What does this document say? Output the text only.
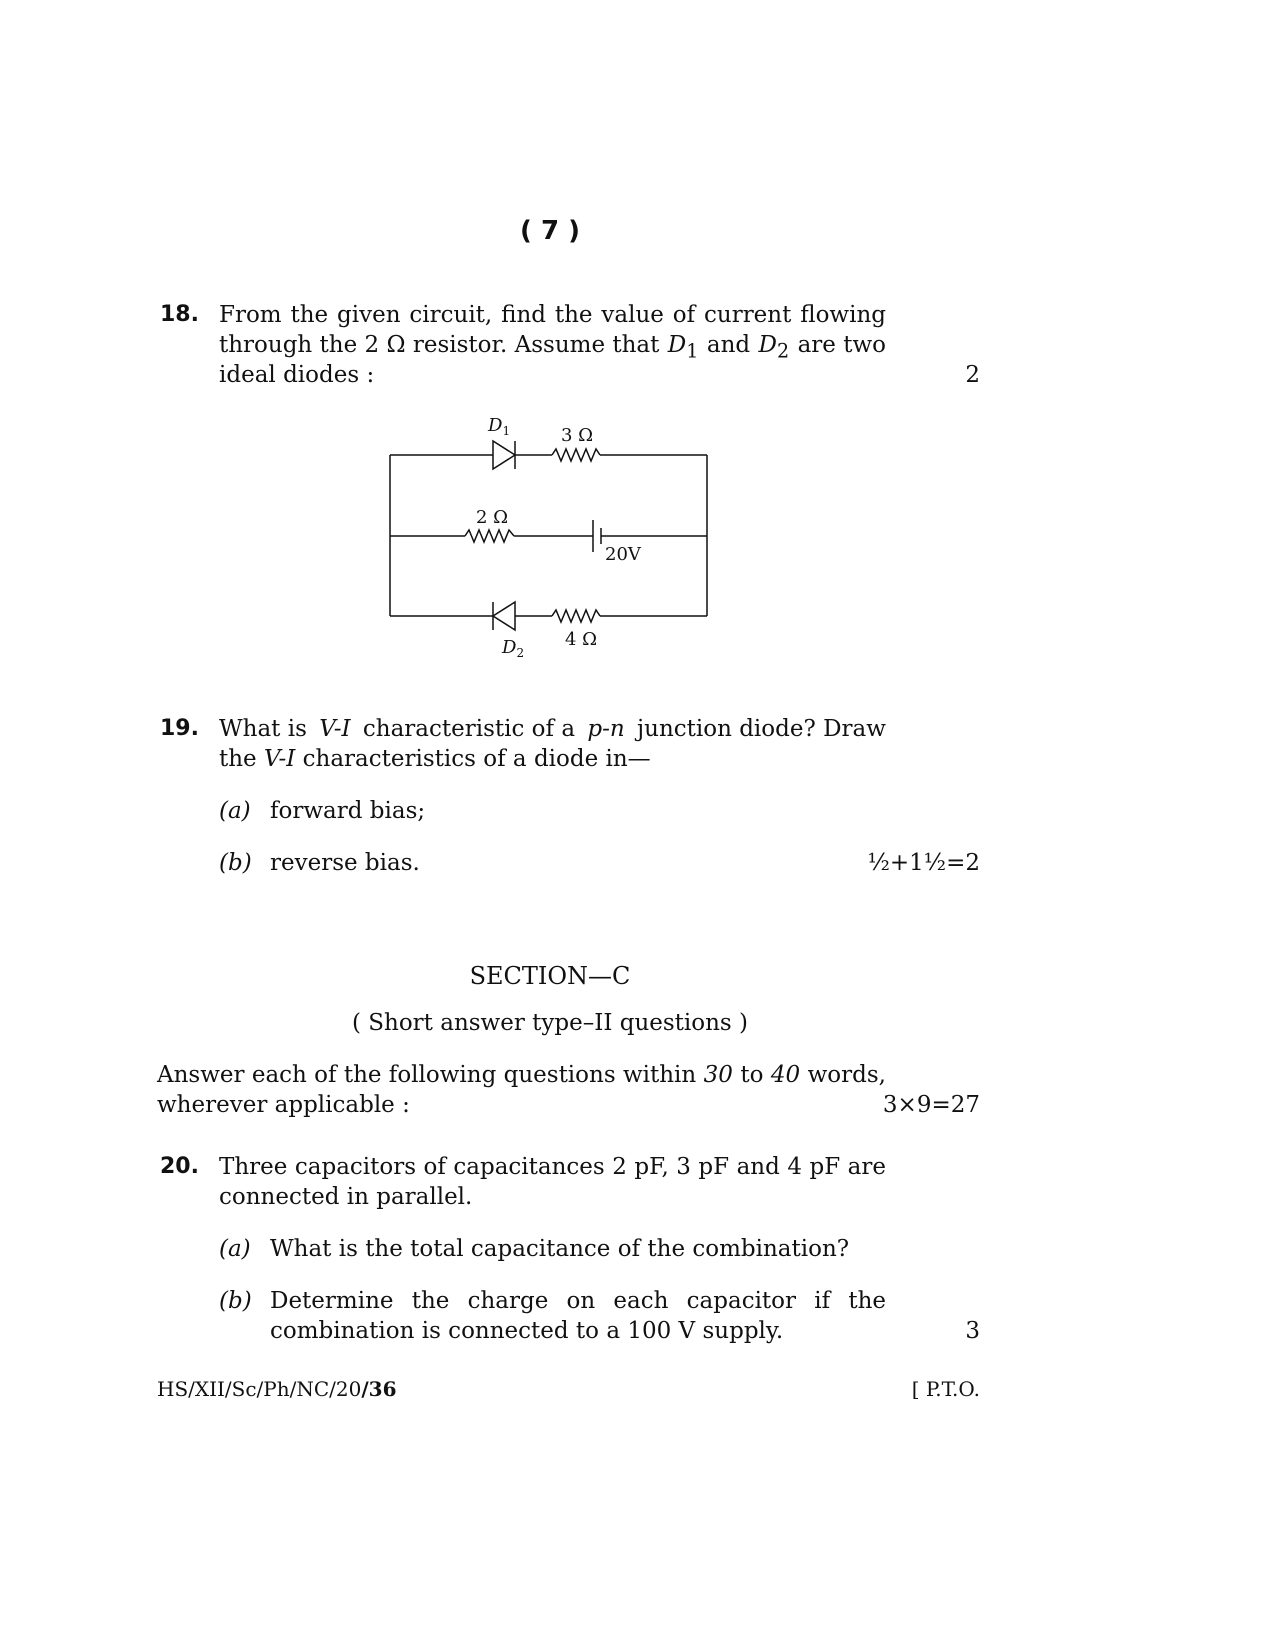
( 7 )
18. From the given circuit, find the value of current flowing
through the 2 Ω resistor. Assume that $D_1$ and $D_2$ are two
ideal diodes :	2
$D_1$	3 Ω
2 Ω
20V
$D_2$
4 Ω
19. What is V-I characteristic of a p-n junction diode? Draw
the V-I characteristics of a diode in—
(a) forward bias;
(b) reverse bias.	½+1½=2
SECTION—C
( Short answer type–II questions )
Answer each of the following questions within 30 to 40 words,
wherever applicable :	3×9=27
20. Three capacitors of capacitances 2 pF, 3 pF and 4 pF are
connected in parallel.
(a) What is the total capacitance of the combination?
(b) Determine the charge on each capacitor if the
combination is connected to a 100 V supply.	3
HS/XII/Sc/Ph/NC/20/36	[ P.T.O.
